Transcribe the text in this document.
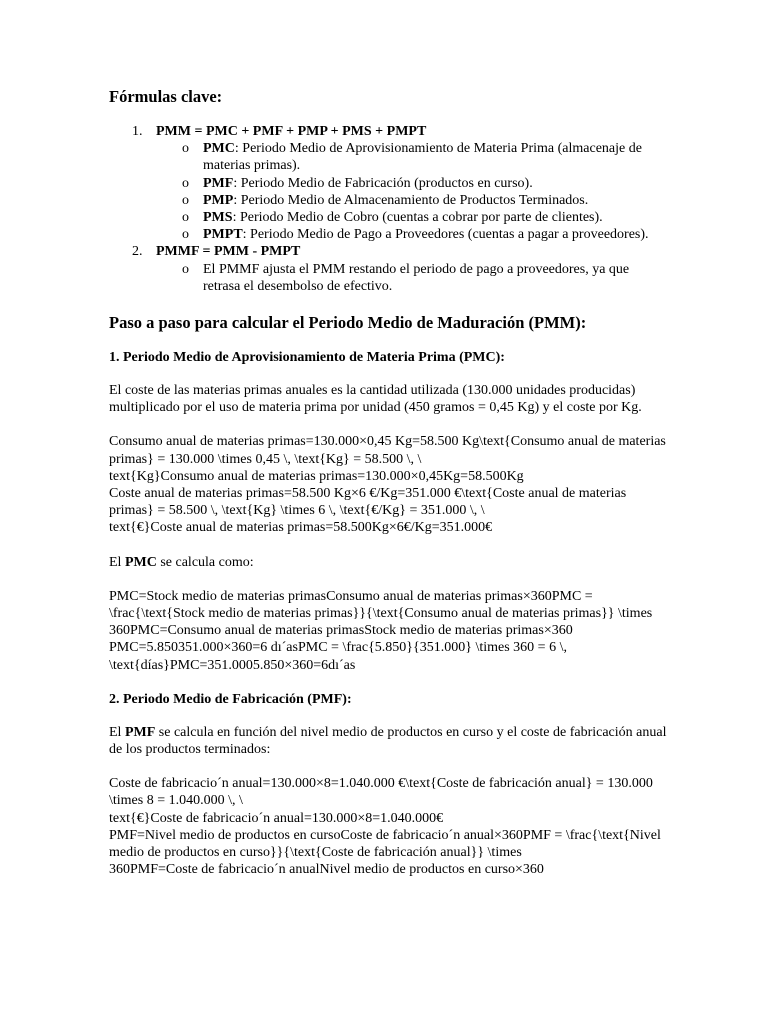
Fórmulas clave:
1. PMM = PMC + PMF + PMP + PMS + PMPT
o PMC: Periodo Medio de Aprovisionamiento de Materia Prima (almacenaje de materias primas).
o PMF: Periodo Medio de Fabricación (productos en curso).
o PMP: Periodo Medio de Almacenamiento de Productos Terminados.
o PMS: Periodo Medio de Cobro (cuentas a cobrar por parte de clientes).
o PMPT: Periodo Medio de Pago a Proveedores (cuentas a pagar a proveedores).
2. PMMF = PMM - PMPT
o El PMMF ajusta el PMM restando el periodo de pago a proveedores, ya que retrasa el desembolso de efectivo.
Paso a paso para calcular el Periodo Medio de Maduración (PMM):
1. Periodo Medio de Aprovisionamiento de Materia Prima (PMC):

El coste de las materias primas anuales es la cantidad utilizada (130.000 unidades producidas) multiplicado por el uso de materia prima por unidad (450 gramos = 0,45 Kg) y el coste por Kg.

Consumo anual de materias primas=130.000×0,45 Kg=58.500 Kg\text{Consumo anual de materias primas} = 130.000 \times 0,45 \, \text{Kg} = 58.500 \, \

text{Kg}Consumo anual de materias primas=130.000×0,45Kg=58.500Kg

Coste anual de materias primas=58.500 Kg×6 €/Kg=351.000 €\text{Coste anual de materias primas} = 58.500 \, \text{Kg} \times 6 \, \text{€/Kg} = 351.000 \, \

text{€}Coste anual de materias primas=58.500Kg×6€/Kg=351.000€

El PMC se calcula como:

PMC=Stock medio de materias primasConsumo anual de materias primas×360PMC = \frac{\text{Stock medio de materias primas}}{\text{Consumo anual de materias primas}} \times

360PMC=Consumo anual de materias primasStock medio de materias primas×360

PMC=5.850351.000×360=6 dı´asPMC = \frac{5.850}{351.000} \times 360 = 6 \, \text{días}PMC=351.0005.850×360=6dı´as

2. Periodo Medio de Fabricación (PMF):

El PMF se calcula en función del nivel medio de productos en curso y el coste de fabricación anual de los productos terminados:

Coste de fabricacio´n anual=130.000×8=1.040.000 €\text{Coste de fabricación anual} = 130.000 \times 8 = 1.040.000 \, \

text{€}Coste de fabricacio´n anual=130.000×8=1.040.000€

PMF=Nivel medio de productos en cursoCoste de fabricacio´n anual×360PMF = \frac{\text{Nivel medio de productos en curso}}{\text{Coste de fabricación anual}} \times

360PMF=Coste de fabricacio´n anualNivel medio de productos en curso×360
